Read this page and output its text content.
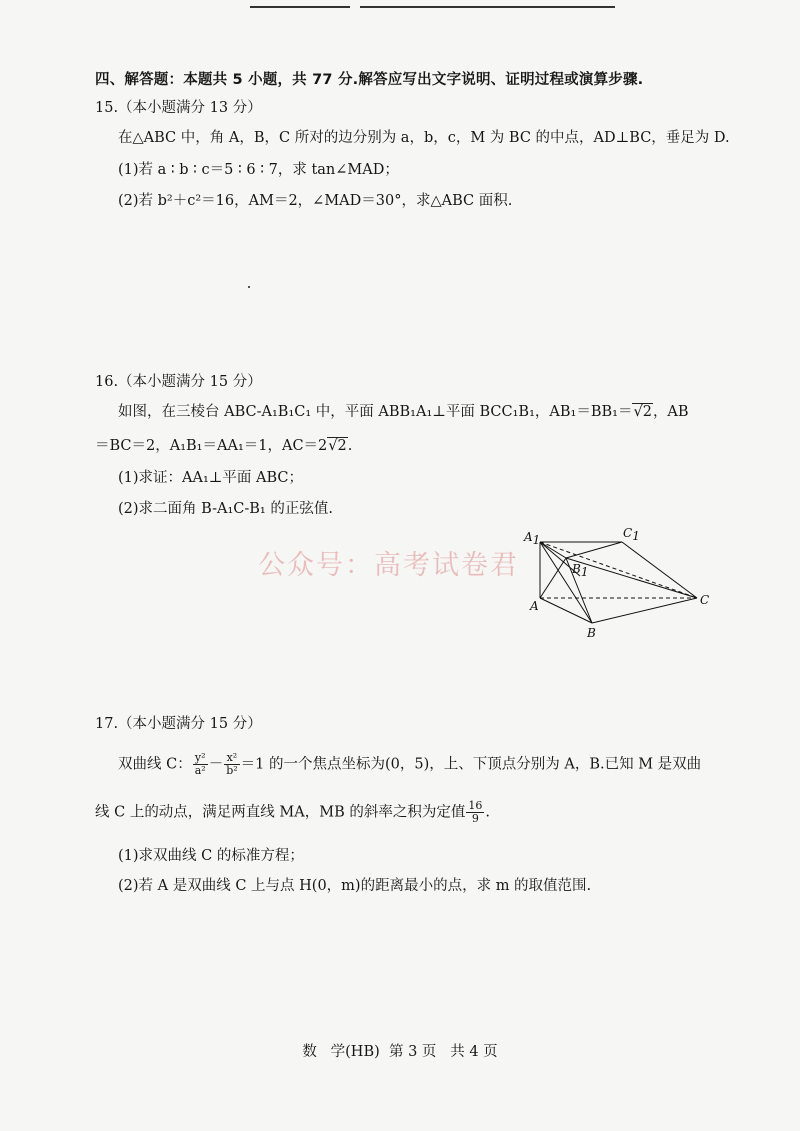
四、解答题：本题共 5 小题，共 77 分.解答应写出文字说明、证明过程或演算步骤.
15.（本小题满分 13 分）
在△ABC 中，角 A，B，C 所对的边分别为 a，b，c，M 为 BC 的中点，AD⊥BC，垂足为 D.
(1)若 a ∶ b ∶ c＝5 ∶ 6 ∶ 7，求 tan∠MAD；
(2)若 b²＋c²＝16，AM＝2，∠MAD＝30°，求△ABC 面积.
16.（本小题满分 15 分）
如图，在三棱台 ABC-A₁B₁C₁ 中，平面 ABB₁A₁⊥平面 BCC₁B₁，AB₁＝BB₁＝√2，AB
＝BC＝2，A₁B₁＝AA₁＝1，AC＝2√2.
(1)求证：AA₁⊥平面 ABC；
(2)求二面角 B-A₁C-B₁ 的正弦值.
公众号：高考试卷君
A1	C1
B1
A
B
C
17.（本小题满分 15 分）
双曲线 C： $\frac{\text{y²}}{\text{a²}} - \frac{\text{x²}}{\text{b²}} =1$ 的一个焦点坐标为(0，5)，上、下顶点分别为 A，B.已知 M 是双曲
线 C 上的动点，满足两直线 MA，MB 的斜率之积为定值 $\frac{16}{9}$ .
(1)求双曲线 C 的标准方程；
(2)若 A 是双曲线 C 上与点 H(0，m)的距离最小的点，求 m 的取值范围.
数   学(HB)  第 3 页   共 4 页
